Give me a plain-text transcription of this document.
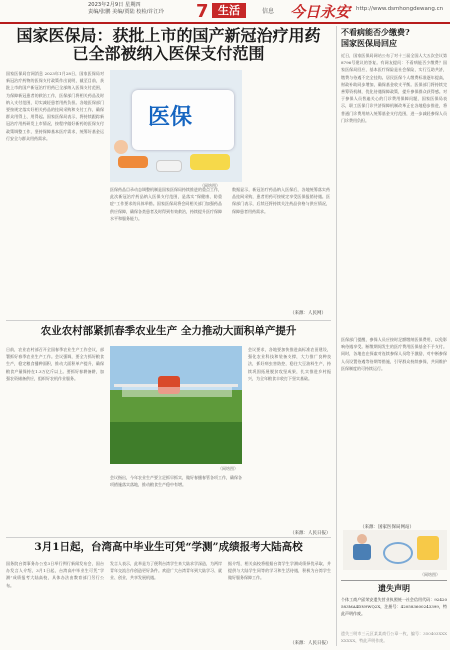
2023年2月9日 星期四
责编/张鹏 美编/贾陆 校检/许江玲 7 生活	信息 今日永安 http://www.dsmhongdewang.cn
国家医保局：获批上市的国产新冠治疗用药
已全部被纳入医保支付范围
国家医保局官网消息 2023年1月28日，国家医保局对新冠治疗药物的医保支付政策作出说明，截至目前，获批上市的国产新冠治疗用药已全部纳入医保支付范围，为保障新冠患者的救治工作，医保部门将相关药品及时纳入支付范围，切实减轻患者用药负担。各地医保部门要按规定落实好相关药品的挂网采购和支付工作，确保群众用得上、用得起。国家医保局表示，将持续跟踪新冠治疗用药研发上市情况，按程序做好新药的医保支付政策调整工作，坚持保障基本医疗需求，统筹好基金运行安全与群众用药需求。
医保
医保药品目录动态调整机制是国家医保局持续推进的重点工作，此次新冠治疗药品纳入医保支付范围，是落实“保健康、防重症”工作要求的具体举措。国家医保局将会同相关部门加强药品供应保障，确保各类患者及时得到有效救治，持续提升医疗保障水平和服务能力。
数据显示，新冠治疗药品纳入医保后，各地统筹落实药品挂网采购，患者用药可按规定享受医保报销待遇。医保部门表示，后续还将持续关注药品价格与供应情况，保障患者用药需求。
（网络图）
（来源：人民网）
农业农村部紧抓春季农业生产 全力推动大面积单产提升
日前，农业农村部召开全国春季农业生产工作会议，部署抓好春季农业生产工作。会议强调，要全力抓好粮食生产，稳定粮食播种面积，推动大面积单产提升，确保粮食产量保持在1.3万亿斤以上。要抓好春耕备耕，加强农资储备供应，组织好农机作业服务。
（网络图）
会议要求，各地要加快推进高标准农田建设，强化农业科技和装备支撑，大力推广良种良法，抓好病虫害防控，稳住大豆油料生产，持续巩固拓展脱贫攻坚成果，扎实推进乡村振兴，为全年粮食丰收打下坚实基础。
会议指出，今年农业生产要立足抓早抓实，做好春播春管各项工作，确保各项措施落实落地，推动粮食生产稳中有增。
（来源：人民日报）
3月1日起，台湾高中毕业生可凭“学测”成绩报考大陆高校
国务院台湾事务办公室3日举行例行新闻发布会，国台办发言人介绍，3月1日起，台湾高中毕业生可凭“学测”成绩报考大陆高校，具体办法由教育部门另行公布。
发言人表示，此举是为了便利台湾学生来大陆求学深造，为两岸青年交流合作创造更好条件。欢迎广大台湾青年到大陆学习、就业、创业，共享发展机遇。
据介绍，相关高校将根据台湾学生学测成绩择优录取，并提供与大陆学生同等的学习和生活待遇，积极为台湾学生做好服务保障工作。
（来源：人民日报）
不看病能否少缴费?
国家医保局回应
近日，国家医保局网站公布了对十三届全国人大五次会议第8796号建议的答复。有网友提问：不看病能否少缴费？国家医保局回应，基本医疗保险是社会保险，实行互助共济，缴费与待遇不完全挂钩。居民医保个人缴费标准逐年提高，财政补助同步增加，确保基金收支平衡。医保部门将持续完善筹资机制，优化待遇保障政策，提升参保群众获得感。对于参保人员普遍关心的门诊费用保障问题，国家医保局表示，职工医保门诊共济保障机制改革正在各地稳步推进，将普通门诊费用纳入统筹基金支付范围，进一步减轻参保人员门诊费用负担。
医保部门提醒，参保人员应按时足额缴纳医保费用，以免影响待遇享受。断缴期间发生的医疗费用医保基金不予支付。同时，各地也在探索对连续参保人员给予激励，对中断参保人员设置待遇等待期等措施，引导群众持续参保，共同维护医保制度的可持续运行。
（来源：国家医保局网站）
（网络图）
遗失声明
个体工商户邱荣安遗失营业执照统一社会信用代码：92420583MA4DN9WQ2X，注册号：420583600243399，特此声明作废。
遗失三明市三元区某某商行公章一枚，编号：350403XXXXXXXX，特此声明作废。
